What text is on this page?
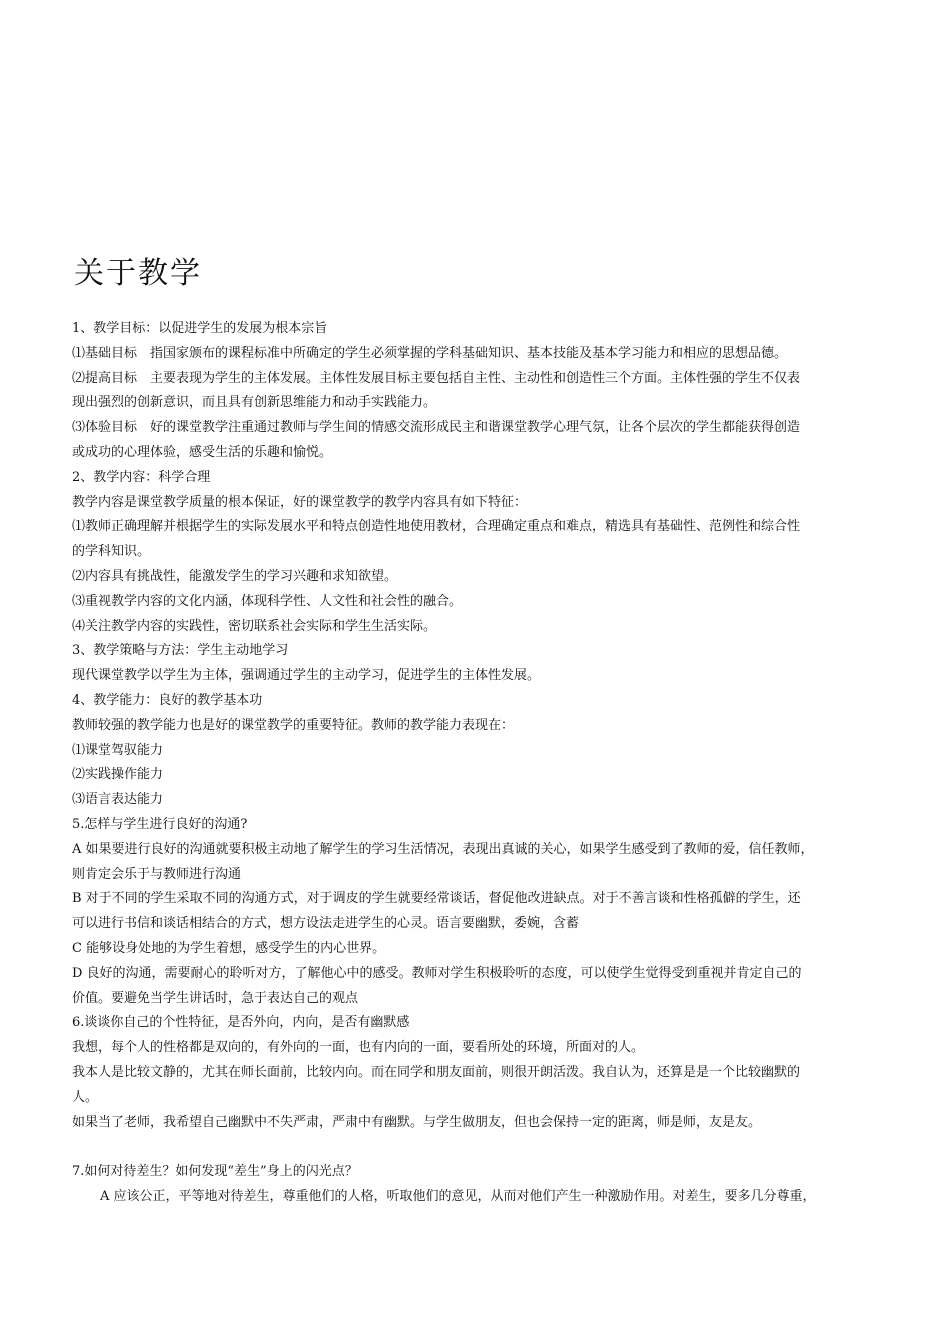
关于教学

1、教学目标：以促进学生的发展为根本宗旨

⑴基础目标　指国家颁布的课程标准中所确定的学生必须掌握的学科基础知识、基本技能及基本学习能力和相应的思想品德。

⑵提高目标　主要表现为学生的主体发展。主体性发展目标主要包括自主性、主动性和创造性三个方面。主体性强的学生不仅表

现出强烈的创新意识，而且具有创新思维能力和动手实践能力。

⑶体验目标　好的课堂教学注重通过教师与学生间的情感交流形成民主和谐课堂教学心理气氛，让各个层次的学生都能获得创造

或成功的心理体验，感受生活的乐趣和愉悦。

2、教学内容：科学合理

教学内容是课堂教学质量的根本保证，好的课堂教学的教学内容具有如下特征：

⑴教师正确理解并根据学生的实际发展水平和特点创造性地使用教材，合理确定重点和难点，精选具有基础性、范例性和综合性

的学科知识。

⑵内容具有挑战性，能激发学生的学习兴趣和求知欲望。

⑶重视教学内容的文化内涵，体现科学性、人文性和社会性的融合。

⑷关注教学内容的实践性，密切联系社会实际和学生生活实际。

3、教学策略与方法：学生主动地学习

现代课堂教学以学生为主体，强调通过学生的主动学习，促进学生的主体性发展。

4、教学能力：良好的教学基本功

教师较强的教学能力也是好的课堂教学的重要特征。教师的教学能力表现在：

⑴课堂驾驭能力

⑵实践操作能力

⑶语言表达能力

5.怎样与学生进行良好的沟通?

A 如果要进行良好的沟通就要积极主动地了解学生的学习生活情况，表现出真诚的关心，如果学生感受到了教师的爱，信任教师，

则肯定会乐于与教师进行沟通

B 对于不同的学生采取不同的沟通方式，对于调皮的学生就要经常谈话，督促他改进缺点。对于不善言谈和性格孤僻的学生，还

可以进行书信和谈话相结合的方式，想方设法走进学生的心灵。语言要幽默，委婉，含蓄

C 能够设身处地的为学生着想，感受学生的内心世界。

D 良好的沟通，需要耐心的聆听对方，了解他心中的感受。教师对学生积极聆听的态度，可以使学生觉得受到重视并肯定自己的

价值。要避免当学生讲话时，急于表达自己的观点

6.谈谈你自己的个性特征，是否外向，内向，是否有幽默感

我想，每个人的性格都是双向的，有外向的一面，也有内向的一面，要看所处的环境，所面对的人。

我本人是比较文静的，尤其在师长面前，比较内向。而在同学和朋友面前，则很开朗活泼。我自认为，还算是是一个比较幽默的

人。

如果当了老师，我希望自己幽默中不失严肃，严肃中有幽默。与学生做朋友，但也会保持一定的距离，师是师，友是友。

7.如何对待差生？如何发现“差生”身上的闪光点？

A 应该公正，平等地对待差生，尊重他们的人格，听取他们的意见，从而对他们产生一种激励作用。对差生，要多几分尊重，
